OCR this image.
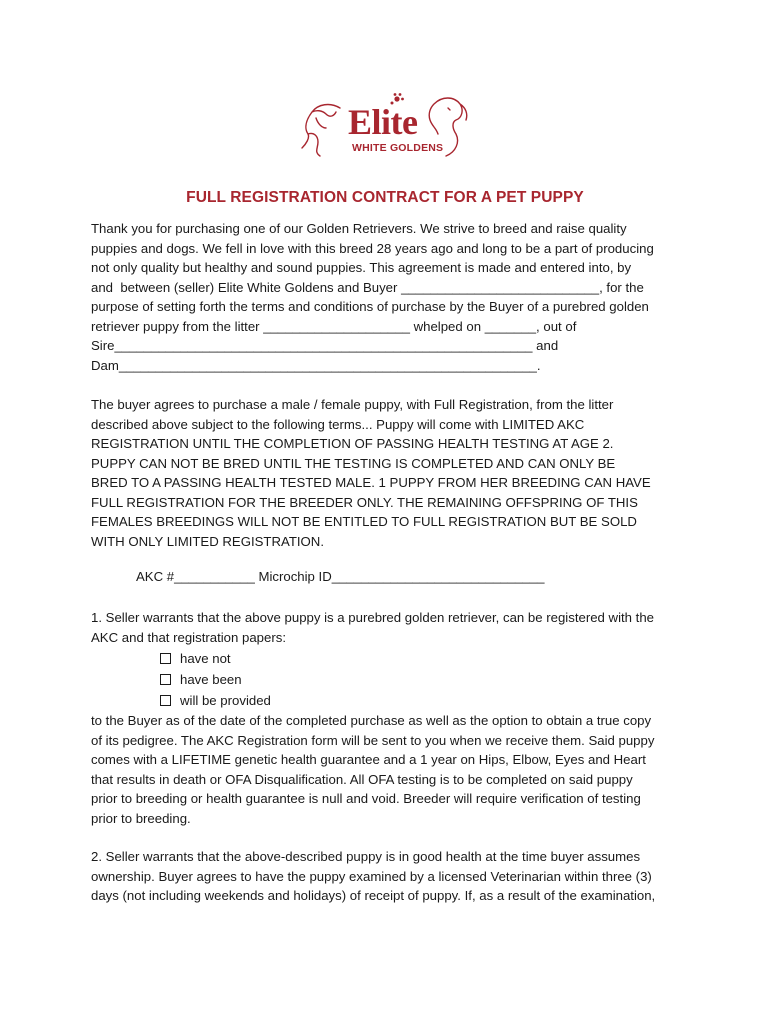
Elite
WHITE GOLDENS
FULL REGISTRATION CONTRACT FOR A PET PUPPY
Thank you for purchasing one of our Golden Retrievers. We strive to breed and raise quality
puppies and dogs. We fell in love with this breed 28 years ago and long to be a part of producing
not only quality but healthy and sound puppies. This agreement is made and entered into, by
and  between (seller) Elite White Goldens and Buyer ___________________________, for the
purpose of setting forth the terms and conditions of purchase by the Buyer of a purebred golden
retriever puppy from the litter ____________________ whelped on _______, out of
Sire_________________________________________________________ and
Dam_________________________________________________________.
The buyer agrees to purchase a male / female puppy, with Full Registration, from the litter
described above subject to the following terms... Puppy will come with LIMITED AKC
REGISTRATION UNTIL THE COMPLETION OF PASSING HEALTH TESTING AT AGE 2.
PUPPY CAN NOT BE BRED UNTIL THE TESTING IS COMPLETED AND CAN ONLY BE
BRED TO A PASSING HEALTH TESTED MALE. 1 PUPPY FROM HER BREEDING CAN HAVE
FULL REGISTRATION FOR THE BREEDER ONLY. THE REMAINING OFFSPRING OF THIS
FEMALES BREEDINGS WILL NOT BE ENTITLED TO FULL REGISTRATION BUT BE SOLD
WITH ONLY LIMITED REGISTRATION.
AKC #___________ Microchip ID_____________________________
1. Seller warrants that the above puppy is a purebred golden retriever, can be registered with the
AKC and that registration papers:
have not
have been
will be provided
to the Buyer as of the date of the completed purchase as well as the option to obtain a true copy
of its pedigree. The AKC Registration form will be sent to you when we receive them. Said puppy
comes with a LIFETIME genetic health guarantee and a 1 year on Hips, Elbow, Eyes and Heart
that results in death or OFA Disqualification. All OFA testing is to be completed on said puppy
prior to breeding or health guarantee is null and void. Breeder will require verification of testing
prior to breeding.
2. Seller warrants that the above-described puppy is in good health at the time buyer assumes
ownership. Buyer agrees to have the puppy examined by a licensed Veterinarian within three (3)
days (not including weekends and holidays) of receipt of puppy. If, as a result of the examination,
